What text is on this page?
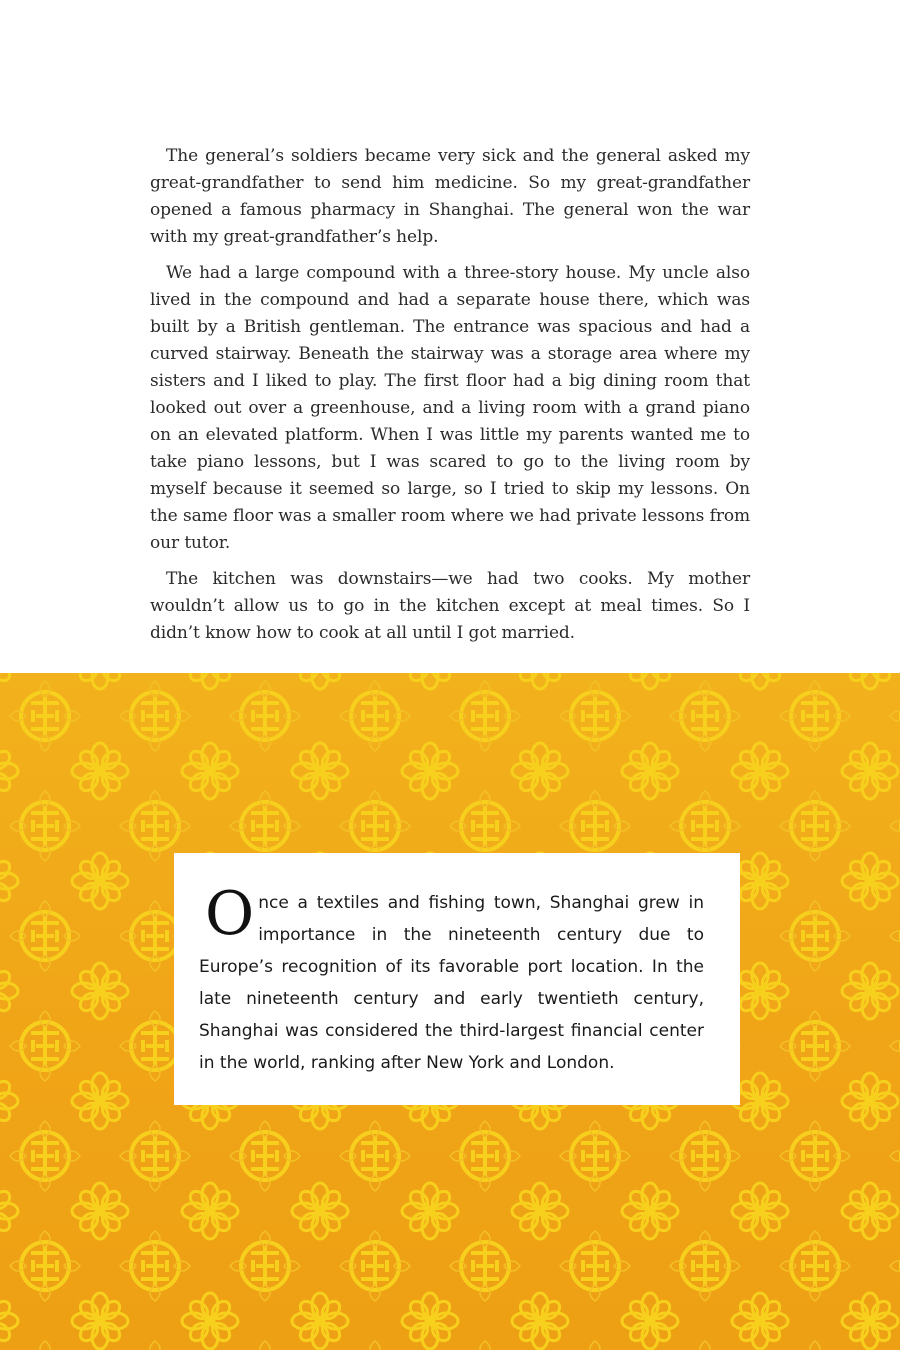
The general’s soldiers became very sick and the general asked my great-grandfather to send him medicine. So my great-grandfather opened a famous pharmacy in Shanghai. The general won the war with my great-grandfather’s help.

We had a large compound with a three-story house. My uncle also lived in the compound and had a separate house there, which was built by a British gentleman. The entrance was spacious and had a curved stairway. Beneath the stairway was a storage area where my sisters and I liked to play. The first floor had a big dining room that looked out over a greenhouse, and a living room with a grand piano on an elevated platform. When I was little my parents wanted me to take piano lessons, but I was scared to go to the living room by myself because it seemed so large, so I tried to skip my lessons. On the same floor was a smaller room where we had private lessons from our tutor.

The kitchen was downstairs—we had two cooks. My mother wouldn’t allow us to go in the kitchen except at meal times. So I didn’t know how to cook at all until I got married.

Once a textiles and fishing town, Shanghai grew in importance in the nineteenth century due to Europe’s recognition of its favorable port location. In the late nineteenth century and early twentieth century, Shanghai was considered the third-largest financial center in the world, ranking after New York and London.
